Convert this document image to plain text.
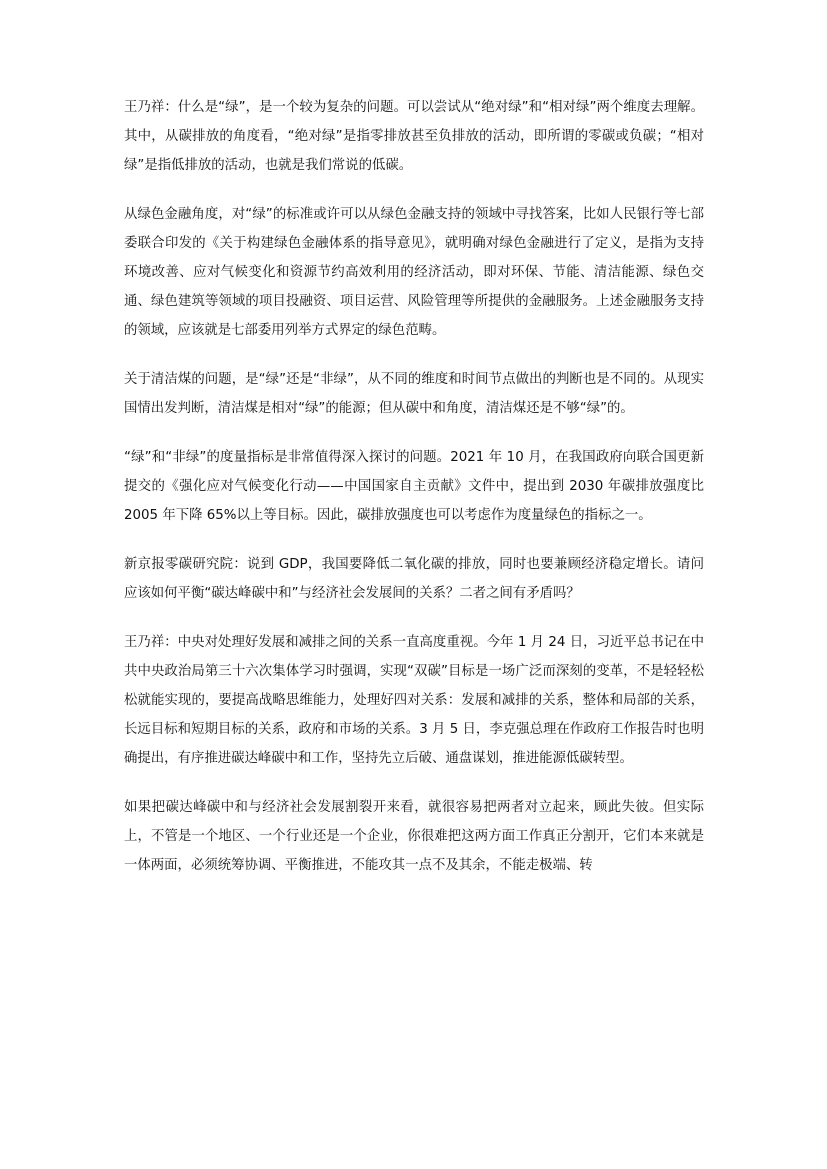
王乃祥：什么是“绿”，是一个较为复杂的问题。可以尝试从“绝对绿”和“相对绿”两个维度去理解。其中，从碳排放的角度看，“绝对绿”是指零排放甚至负排放的活动，即所谓的零碳或负碳；“相对绿”是指低排放的活动，也就是我们常说的低碳。

从绿色金融角度，对“绿”的标准或许可以从绿色金融支持的领域中寻找答案，比如人民银行等七部委联合印发的《关于构建绿色金融体系的指导意见》，就明确对绿色金融进行了定义，是指为支持环境改善、应对气候变化和资源节约高效利用的经济活动，即对环保、节能、清洁能源、绿色交通、绿色建筑等领域的项目投融资、项目运营、风险管理等所提供的金融服务。上述金融服务支持的领域，应该就是七部委用列举方式界定的绿色范畴。

关于清洁煤的问题，是“绿”还是“非绿”，从不同的维度和时间节点做出的判断也是不同的。从现实国情出发判断，清洁煤是相对“绿”的能源；但从碳中和角度，清洁煤还是不够“绿”的。

“绿”和“非绿”的度量指标是非常值得深入探讨的问题。2021 年 10 月，在我国政府向联合国更新提交的《强化应对气候变化行动——中国国家自主贡献》文件中，提出到 2030 年碳排放强度比 2005 年下降 65%以上等目标。因此，碳排放强度也可以考虑作为度量绿色的指标之一。

新京报零碳研究院：说到 GDP，我国要降低二氧化碳的排放，同时也要兼顾经济稳定增长。请问应该如何平衡“碳达峰碳中和”与经济社会发展间的关系？二者之间有矛盾吗？

王乃祥：中央对处理好发展和减排之间的关系一直高度重视。今年 1 月 24 日，习近平总书记在中共中央政治局第三十六次集体学习时强调，实现“双碳”目标是一场广泛而深刻的变革，不是轻轻松松就能实现的，要提高战略思维能力，处理好四对关系：发展和减排的关系，整体和局部的关系，长远目标和短期目标的关系，政府和市场的关系。3 月 5 日，李克强总理在作政府工作报告时也明确提出，有序推进碳达峰碳中和工作，坚持先立后破、通盘谋划，推进能源低碳转型。

如果把碳达峰碳中和与经济社会发展割裂开来看，就很容易把两者对立起来，顾此失彼。但实际上，不管是一个地区、一个行业还是一个企业，你很难把这两方面工作真正分割开，它们本来就是一体两面，必须统筹协调、平衡推进，不能攻其一点不及其余，不能走极端、转
